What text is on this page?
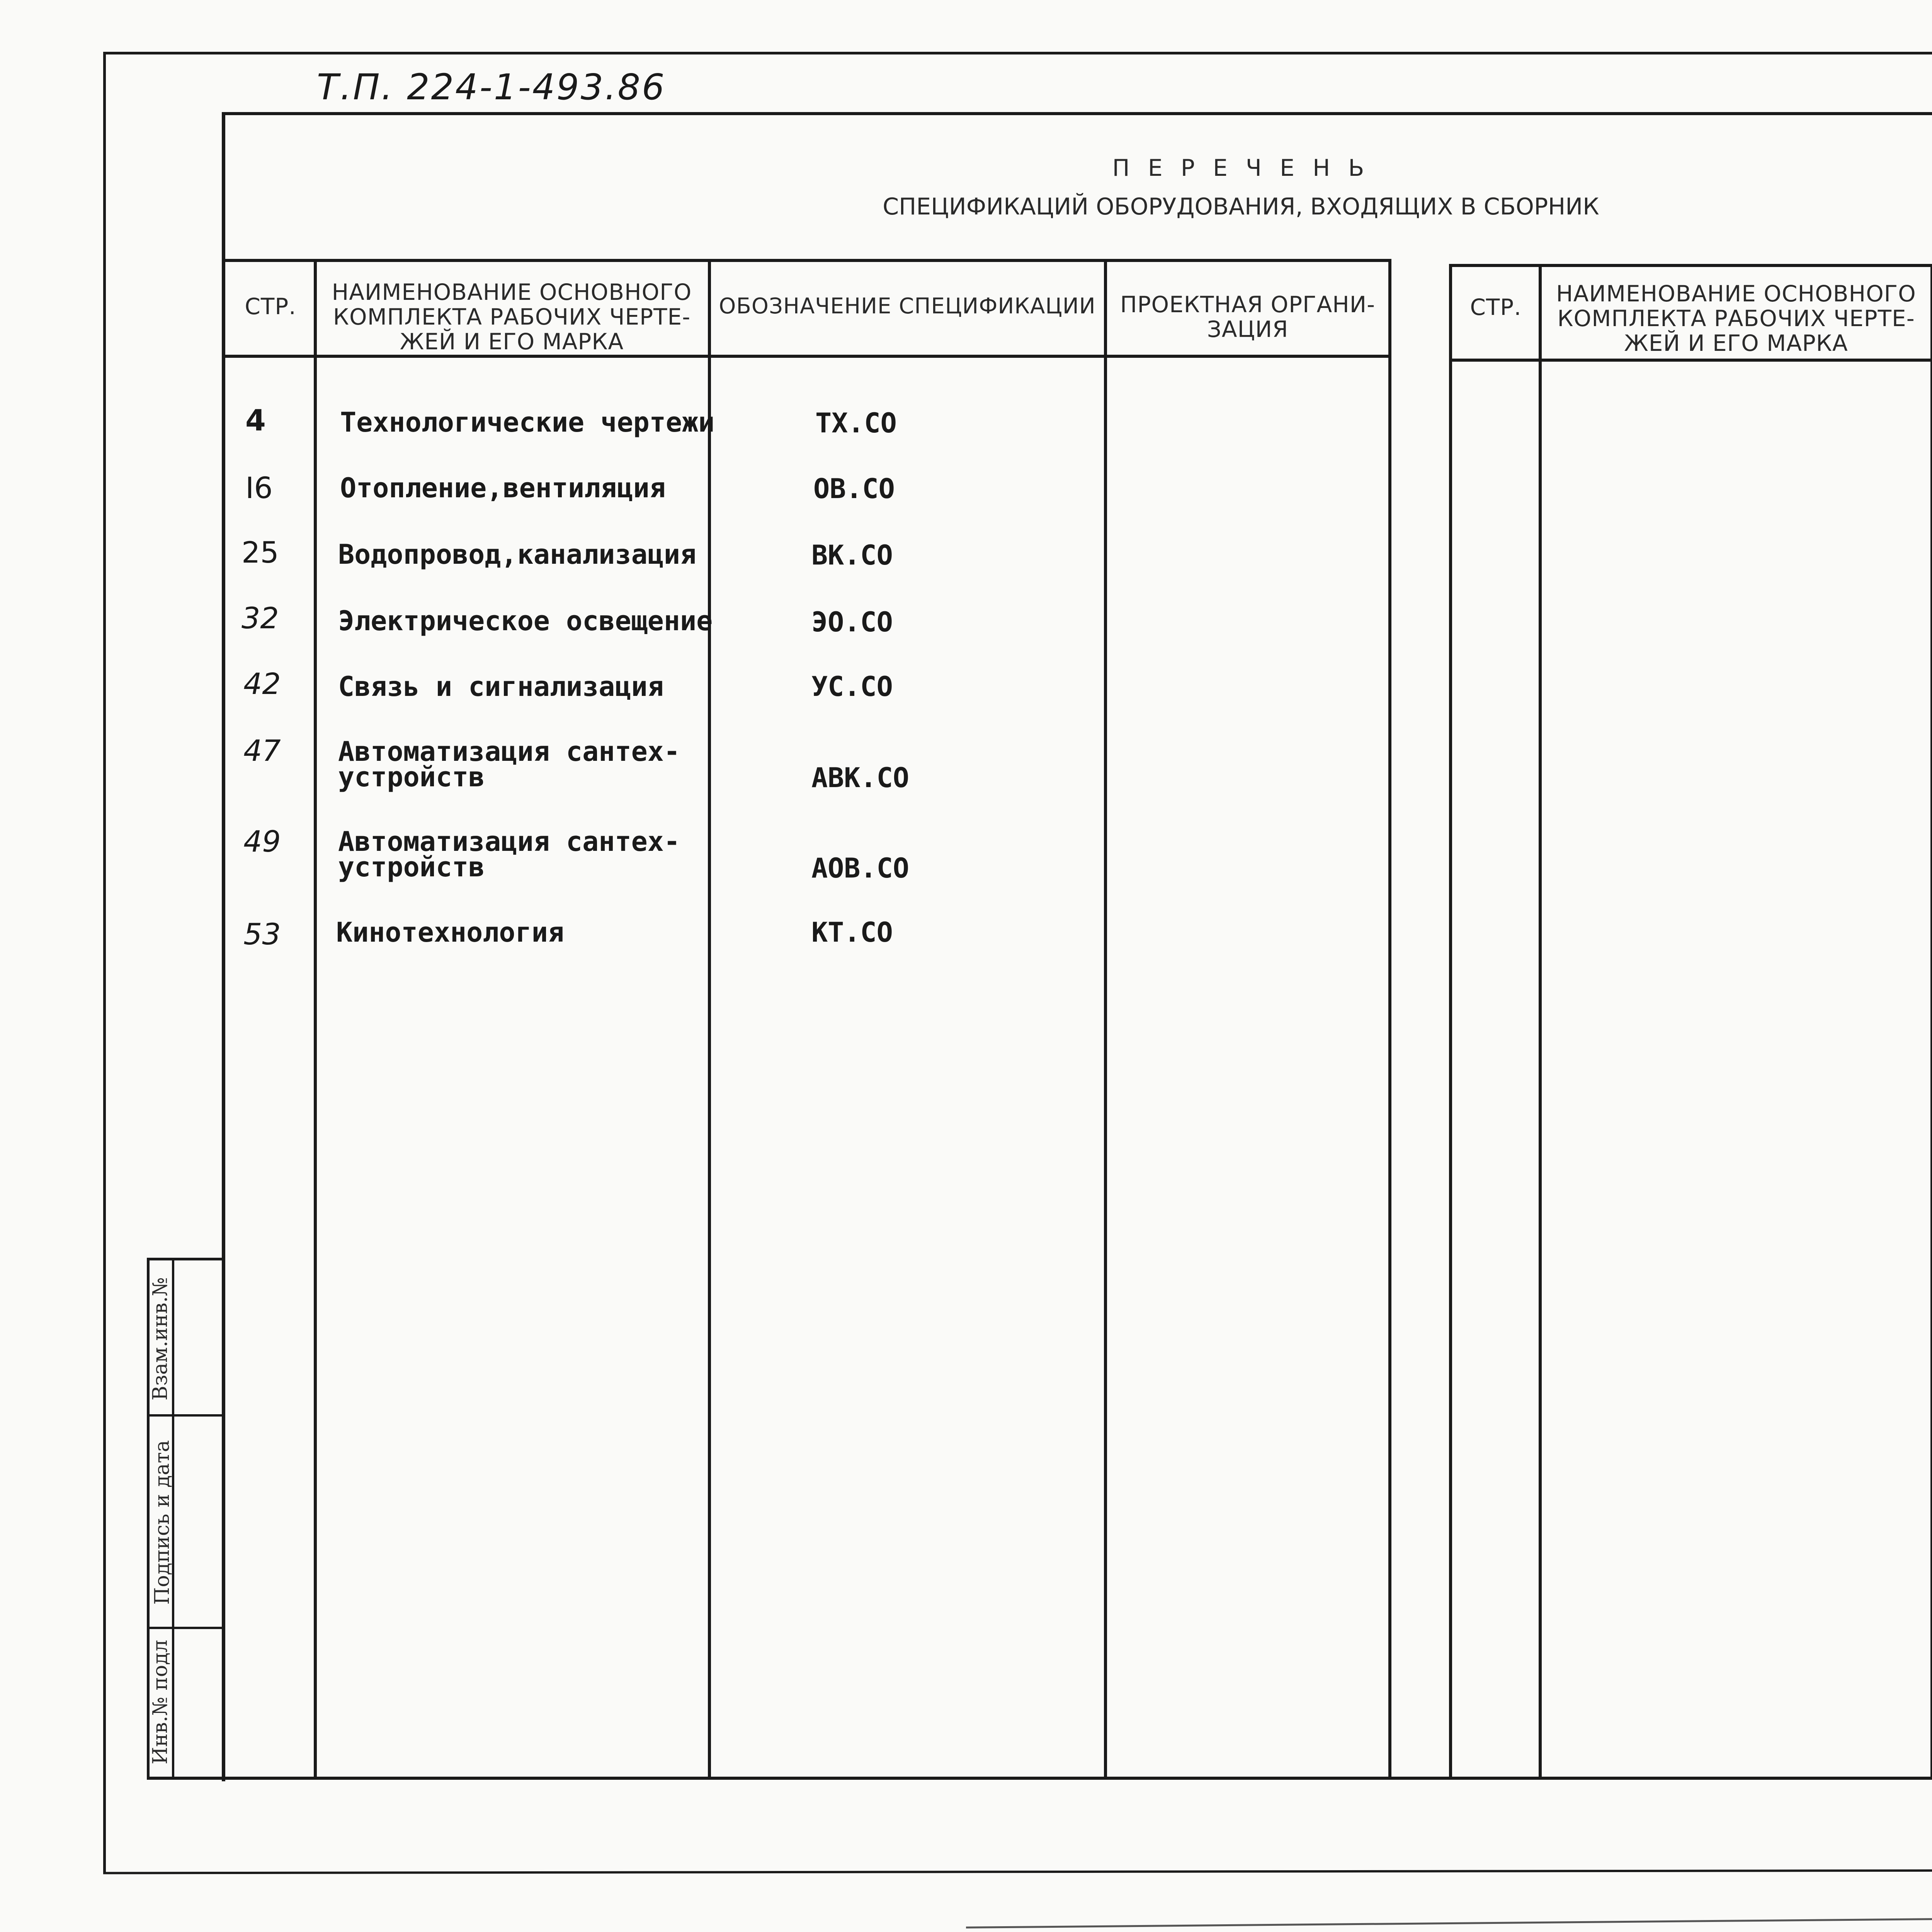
Т.П. 224-1-493.86
П Е Р Е Ч Е Н Ь
СПЕЦИФИКАЦИЙ ОБОРУДОВАНИЯ, ВХОДЯЩИХ В СБОРНИК
СТР.
НАИМЕНОВАНИЕ ОСНОВНОГО
КОМПЛЕКТА РАБОЧИХ ЧЕРТЕ-
ЖЕЙ И ЕГО МАРКА
ОБОЗНАЧЕНИЕ СПЕЦИФИКАЦИИ	ПРОЕКТНАЯ ОРГАНИ-
ЗАЦИЯ
4	Технологические чертежи	ТХ.СО
I6 Отопление,вентиляция	ОВ.СО
25 Водопровод,канализация	ВК.СО
32 Электрическое освещение	ЭО.СО
42 Связь и сигнализация	УС.СО
47 Автоматизация сантех-
устройств	АВК.СО
49 Автоматизация сантех-
устройств	АОВ.СО
53 Кинотехнология	КТ.СО
СТР.
НАИМЕНОВАНИЕ ОСНОВНОГО
КОМПЛЕКТА РАБОЧИХ ЧЕРТЕ-
ЖЕЙ И ЕГО МАРКА
Взам.инв.№
Подпись и дата
Инв.№ подл
